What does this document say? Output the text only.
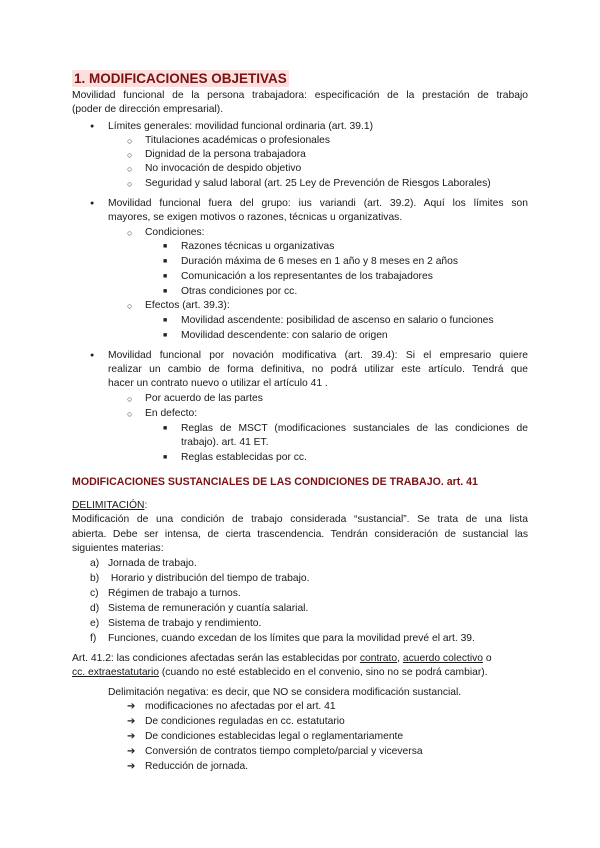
1. MODIFICACIONES OBJETIVAS
Movilidad funcional de la persona trabajadora: especificación de la prestación de trabajo
(poder de dirección empresarial).
●
Límites generales: movilidad funcional ordinaria (art. 39.1)
○
Titulaciones académicas o profesionales
○
Dignidad de la persona trabajadora
○
No invocación de despido objetivo
○
Seguridad y salud laboral (art. 25 Ley de Prevención de Riesgos Laborales)
●
Movilidad funcional fuera del grupo: ius variandi (art. 39.2). Aquí los límites son
mayores, se exigen motivos o razones, técnicas u organizativas.
○
Condiciones:
■
Razones técnicas u organizativas
■
Duración máxima de 6 meses en 1 año y 8 meses en 2 años
■
Comunicación a los representantes de los trabajadores
■
Otras condiciones por cc.
○
Efectos (art. 39.3):
■
Movilidad ascendente: posibilidad de ascenso en salario o funciones
■
Movilidad descendente: con salario de origen
●
Movilidad funcional por novación modificativa (art. 39.4): Si el empresario quiere
realizar un cambio de forma definitiva, no podrá utilizar este artículo. Tendrá que
hacer un contrato nuevo o utilizar el artículo 41 .
○
Por acuerdo de las partes
○
En defecto:
■
Reglas de MSCT (modificaciones sustanciales de las condiciones de
trabajo). art. 41 ET.
■
Reglas establecidas por cc.
MODIFICACIONES SUSTANCIALES DE LAS CONDICIONES DE TRABAJO. art. 41
DELIMITACIÓN:
Modificación de una condición de trabajo considerada “sustancial”. Se trata de una lista
abierta. Debe ser intensa, de cierta trascendencia. Tendrán consideración de sustancial las
siguientes materias:
a) Jornada de trabajo.
b) Horario y distribución del tiempo de trabajo.
c) Régimen de trabajo a turnos.
d) Sistema de remuneración y cuantía salarial.
e) Sistema de trabajo y rendimiento.
f) Funciones, cuando excedan de los límites que para la movilidad prevé el art. 39.
Art. 41.2: las condiciones afectadas serán las establecidas por contrato, acuerdo colectivo o
cc. extraestatutario (cuando no esté establecido en el convenio, sino no se podrá cambiar).
Delimitación negativa: es decir, que NO se considera modificación sustancial.
➔
modificaciones no afectadas por el art. 41
➔
De condiciones reguladas en cc. estatutario
➔
De condiciones establecidas legal o reglamentariamente
➔
Conversión de contratos tiempo completo/parcial y viceversa
➔
Reducción de jornada.
